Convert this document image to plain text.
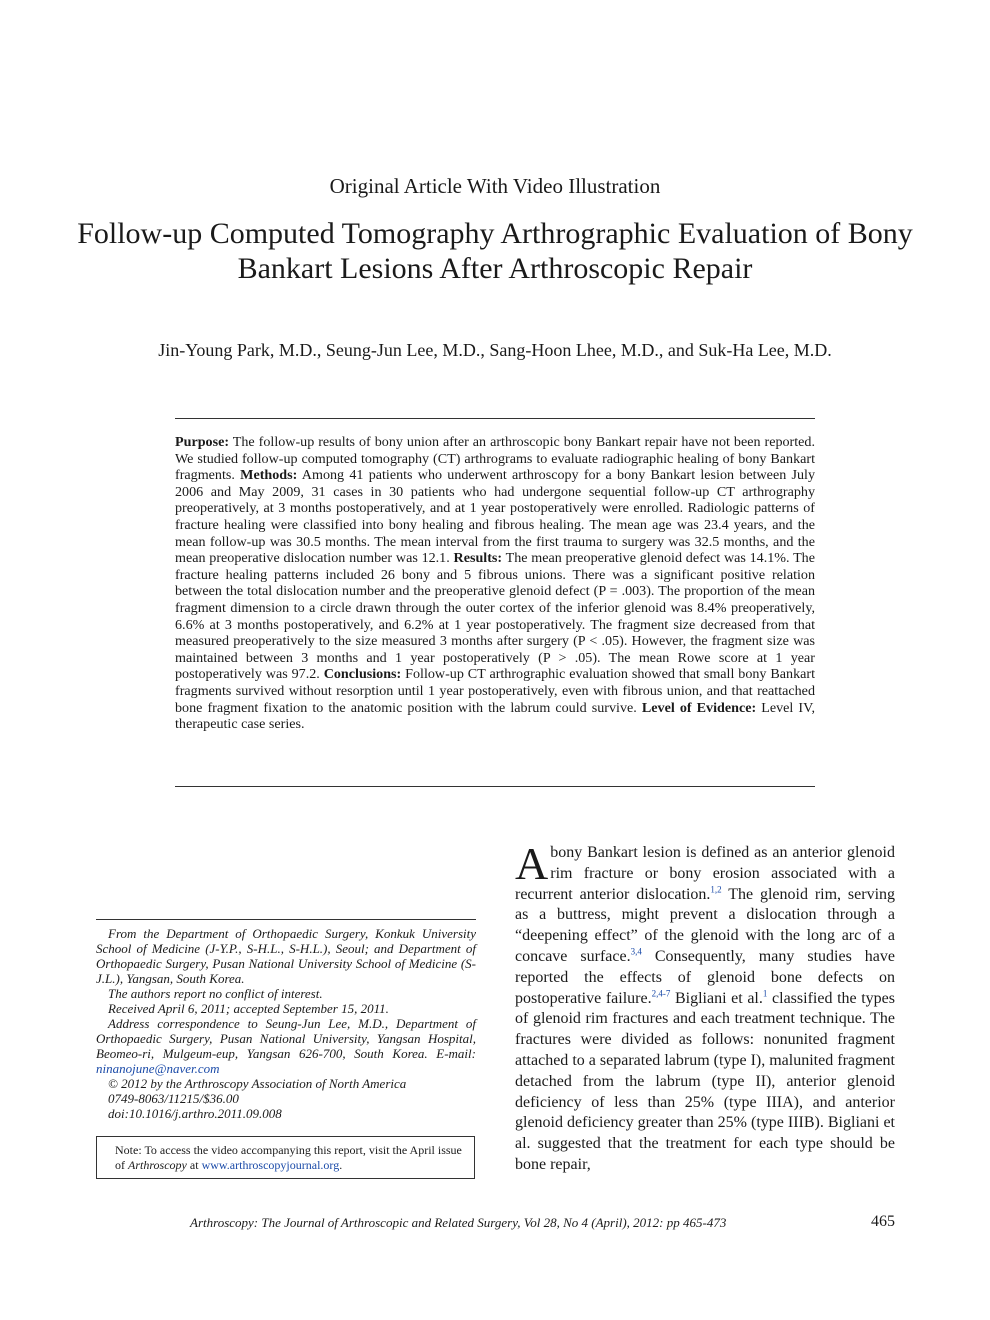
Original Article With Video Illustration
Follow-up Computed Tomography Arthrographic Evaluation of Bony Bankart Lesions After Arthroscopic Repair
Jin-Young Park, M.D., Seung-Jun Lee, M.D., Sang-Hoon Lhee, M.D., and Suk-Ha Lee, M.D.
Purpose: The follow-up results of bony union after an arthroscopic bony Bankart repair have not been reported. We studied follow-up computed tomography (CT) arthrograms to evaluate radiographic healing of bony Bankart fragments. Methods: Among 41 patients who underwent arthroscopy for a bony Bankart lesion between July 2006 and May 2009, 31 cases in 30 patients who had undergone sequential follow-up CT arthrography preoperatively, at 3 months postoperatively, and at 1 year postoperatively were enrolled. Radiologic patterns of fracture healing were classified into bony healing and fibrous healing. The mean age was 23.4 years, and the mean follow-up was 30.5 months. The mean interval from the first trauma to surgery was 32.5 months, and the mean preoperative dislocation number was 12.1. Results: The mean preoperative glenoid defect was 14.1%. The fracture healing patterns included 26 bony and 5 fibrous unions. There was a significant positive relation between the total dislocation number and the preoperative glenoid defect (P = .003). The proportion of the mean fragment dimension to a circle drawn through the outer cortex of the inferior glenoid was 8.4% preoperatively, 6.6% at 3 months postoperatively, and 6.2% at 1 year postoperatively. The fragment size decreased from that measured preoperatively to the size measured 3 months after surgery (P < .05). However, the fragment size was maintained between 3 months and 1 year postoperatively (P > .05). The mean Rowe score at 1 year postoperatively was 97.2. Conclusions: Follow-up CT arthrographic evaluation showed that small bony Bankart fragments survived without resorption until 1 year postoperatively, even with fibrous union, and that reattached bone fragment fixation to the anatomic position with the labrum could survive. Level of Evidence: Level IV, therapeutic case series.

From the Department of Orthopaedic Surgery, Konkuk University School of Medicine (J-Y.P., S-H.L., S-H.L.), Seoul; and Department of Orthopaedic Surgery, Pusan National University School of Medicine (S-J.L.), Yangsan, South Korea.

The authors report no conflict of interest.

Received April 6, 2011; accepted September 15, 2011.

Address correspondence to Seung-Jun Lee, M.D., Department of Orthopaedic Surgery, Pusan National University, Yangsan Hospital, Beomeo-ri, Mulgeum-eup, Yangsan 626-700, South Korea. E-mail: ninanojune@naver.com

© 2012 by the Arthroscopy Association of North America

0749-8063/11215/$36.00

doi:10.1016/j.arthro.2011.09.008

Note: To access the video accompanying this report, visit the April issue of Arthroscopy at www.arthroscopyjournal.org.
A bony Bankart lesion is defined as an anterior glenoid rim fracture or bony erosion associated with a recurrent anterior dislocation.$^{1,2}$ The glenoid rim, serving as a buttress, might prevent a dislocation through a “deepening effect” of the glenoid with the long arc of a concave surface.$^{3,4}$ Consequently, many studies have reported the effects of glenoid bone defects on postoperative failure.$^{2,4-7}$ Bigliani et al.$^1$ classified the types of glenoid rim fractures and each treatment technique. The fractures were divided as follows: nonunited fragment attached to a separated labrum (type I), malunited fragment detached from the labrum (type II), anterior glenoid deficiency of less than 25% (type IIIA), and anterior glenoid deficiency greater than 25% (type IIIB). Bigliani et al. suggested that the treatment for each type should be bone repair,
Arthroscopy: The Journal of Arthroscopic and Related Surgery, Vol 28, No 4 (April), 2012: pp 465-473	465
